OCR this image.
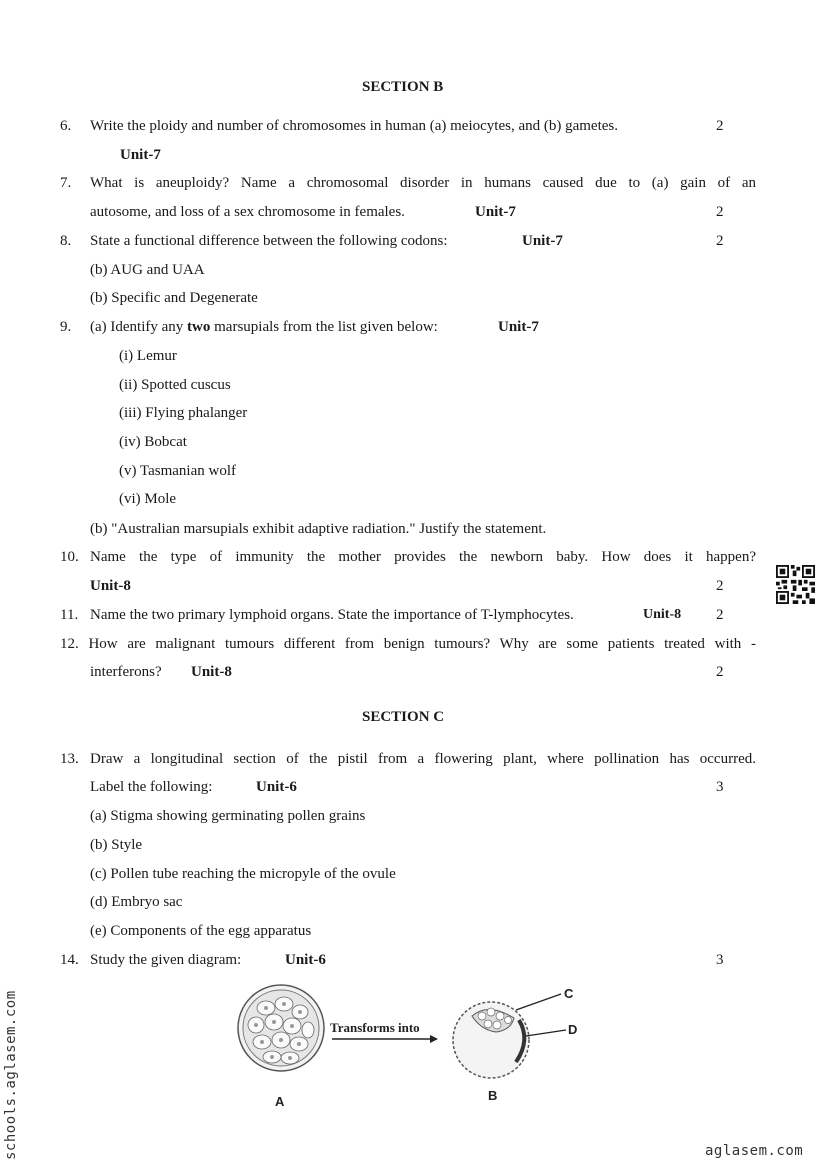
SECTION B
6. Write the ploidy and number of chromosomes in human (a) meiocytes, and (b) gametes.	2
Unit-7
7. What is aneuploidy? Name a chromosomal disorder in humans caused due to (a) gain of an
autosome, and loss of a sex chromosome in females.	Unit-7	2
8. State a functional difference between the following codons:	Unit-7	2
(b) AUG and UAA
(b) Specific and Degenerate
9. (a) Identify any two marsupials from the list given below:	Unit-7
(i) Lemur
(ii) Spotted cuscus
(iii) Flying phalanger
(iv) Bobcat
(v) Tasmanian wolf
(vi) Mole
(b) "Australian marsupials exhibit adaptive radiation." Justify the statement.
10. Name the type of immunity the mother provides the newborn baby. How does it happen?
Unit-8	2
11. Name the two primary lymphoid organs. State the importance of T-lymphocytes.	Unit-8 2
12. How are malignant tumours different from benign tumours? Why are some patients treated with -
interferons? Unit-8	2
SECTION C
13. Draw a longitudinal section of the pistil from a flowering plant, where pollination has occurred.
Label the following:	Unit-6	3
(a) Stigma showing germinating pollen grains
(b) Style
(c) Pollen tube reaching the micropyle of the ovule
(d) Embryo sac
(e) Components of the egg apparatus
14. Study the given diagram:	Unit-6	3
Transforms into
C
D
A	B
schools.aglasem.com	aglasem.com
